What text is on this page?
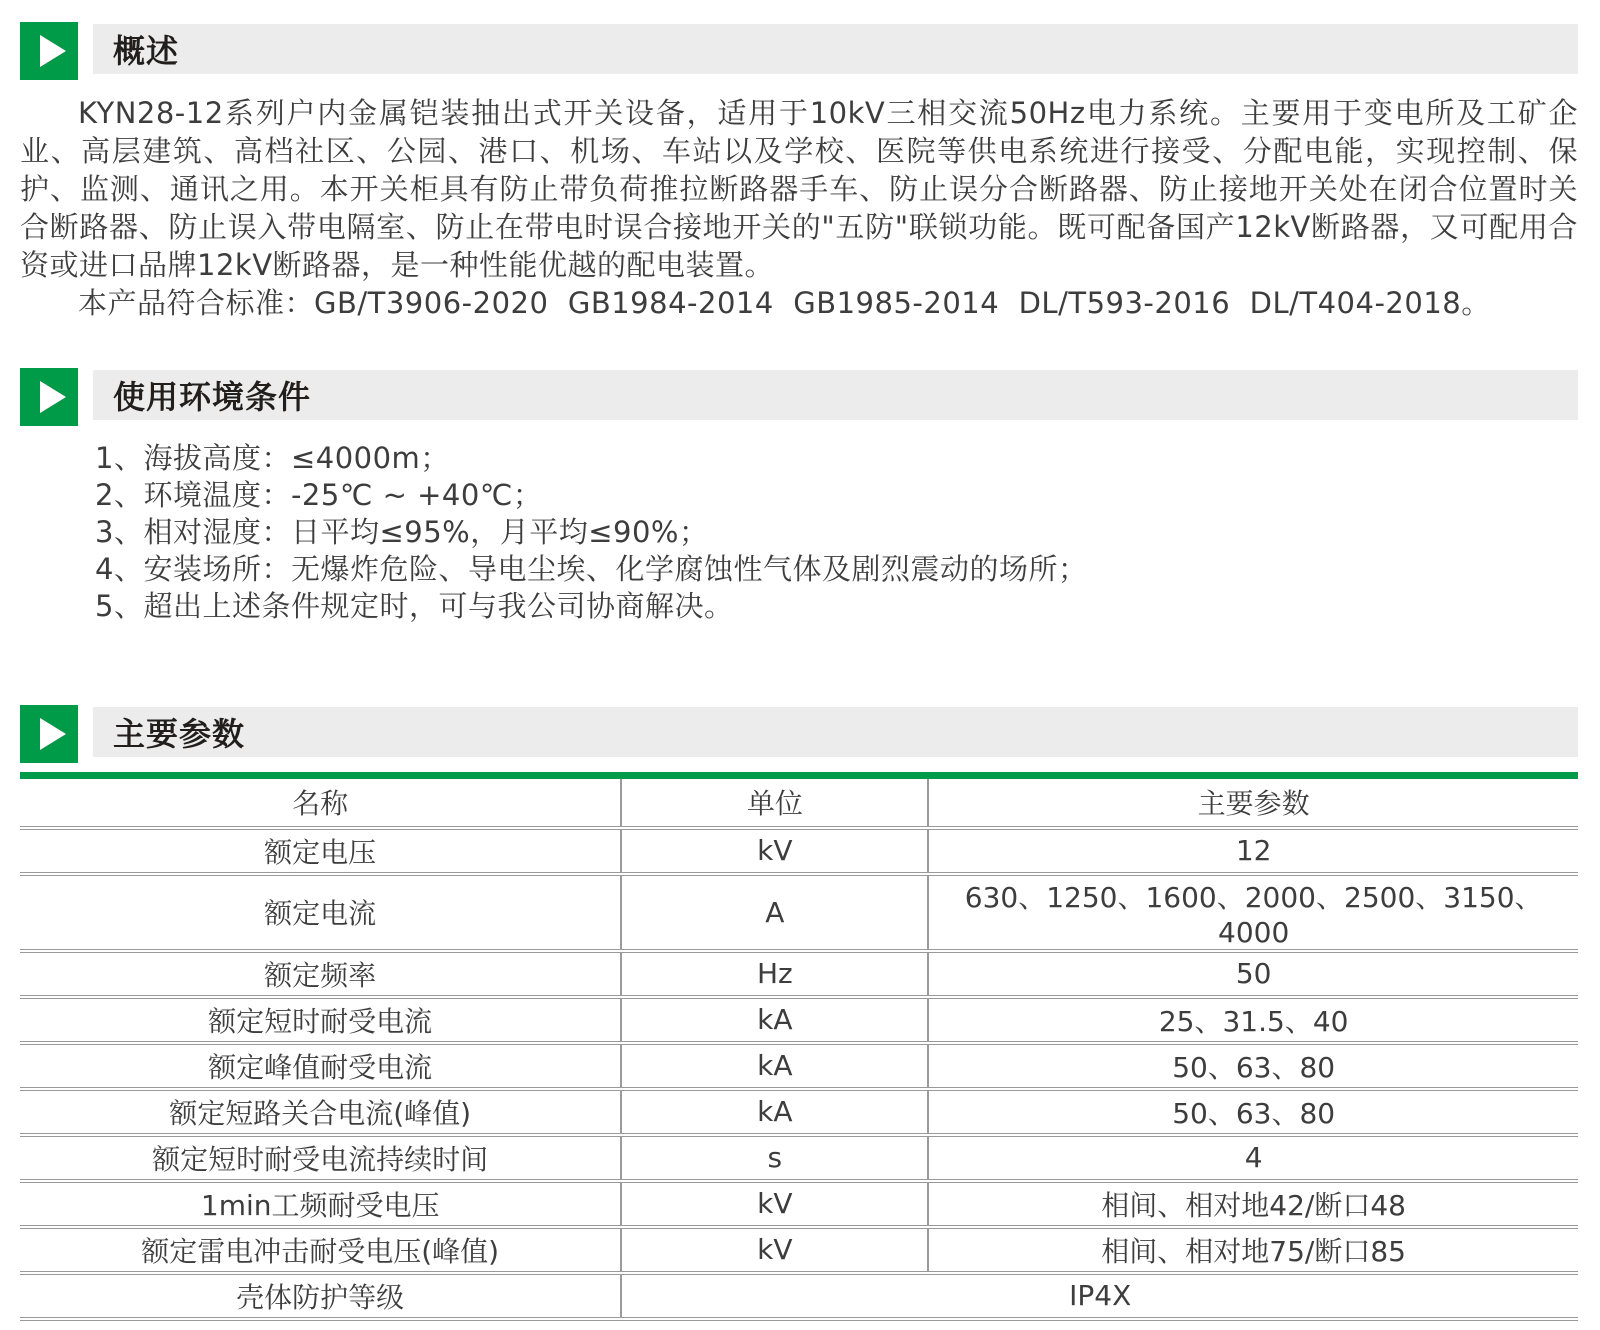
概述

KYN28-12系列户内金属铠装抽出式开关设备，适用于10kV三相交流50Hz电力系统。主要用于变电所及工矿企业、高层建筑、高档社区、公园、港口、机场、车站以及学校、医院等供电系统进行接受、分配电能，实现控制、保护、监测、通讯之用。本开关柜具有防止带负荷推拉断路器手车、防止误分合断路器、防止接地开关处在闭合位置时关合断路器、防止误入带电隔室、防止在带电时误合接地开关的"五防"联锁功能。既可配备国产12kV断路器，又可配用合资或进口品牌12kV断路器，是一种性能优越的配电装置。

本产品符合标准：GB/T3906-2020  GB1984-2014  GB1985-2014  DL/T593-2016  DL/T404-2018。

使用环境条件
1、海拔高度：≤4000m；
2、环境温度：-25℃ ~ +40℃；
3、相对湿度：日平均≤95%，月平均≤90%；
4、安装场所：无爆炸危险、导电尘埃、化学腐蚀性气体及剧烈震动的场所；
5、超出上述条件规定时，可与我公司协商解决。
主要参数
名称	单位	主要参数
额定电压	kV	12
额定电流	A	630、1250、1600、2000、2500、3150、4000
额定频率	Hz	50
额定短时耐受电流	kA	25、31.5、40
额定峰值耐受电流	kA	50、63、80
额定短路关合电流(峰值)	kA	50、63、80
额定短时耐受电流持续时间	s	4
1min工频耐受电压	kV	相间、相对地42/断口48
额定雷电冲击耐受电压(峰值)	kV	相间、相对地75/断口85
壳体防护等级	IP4X	
